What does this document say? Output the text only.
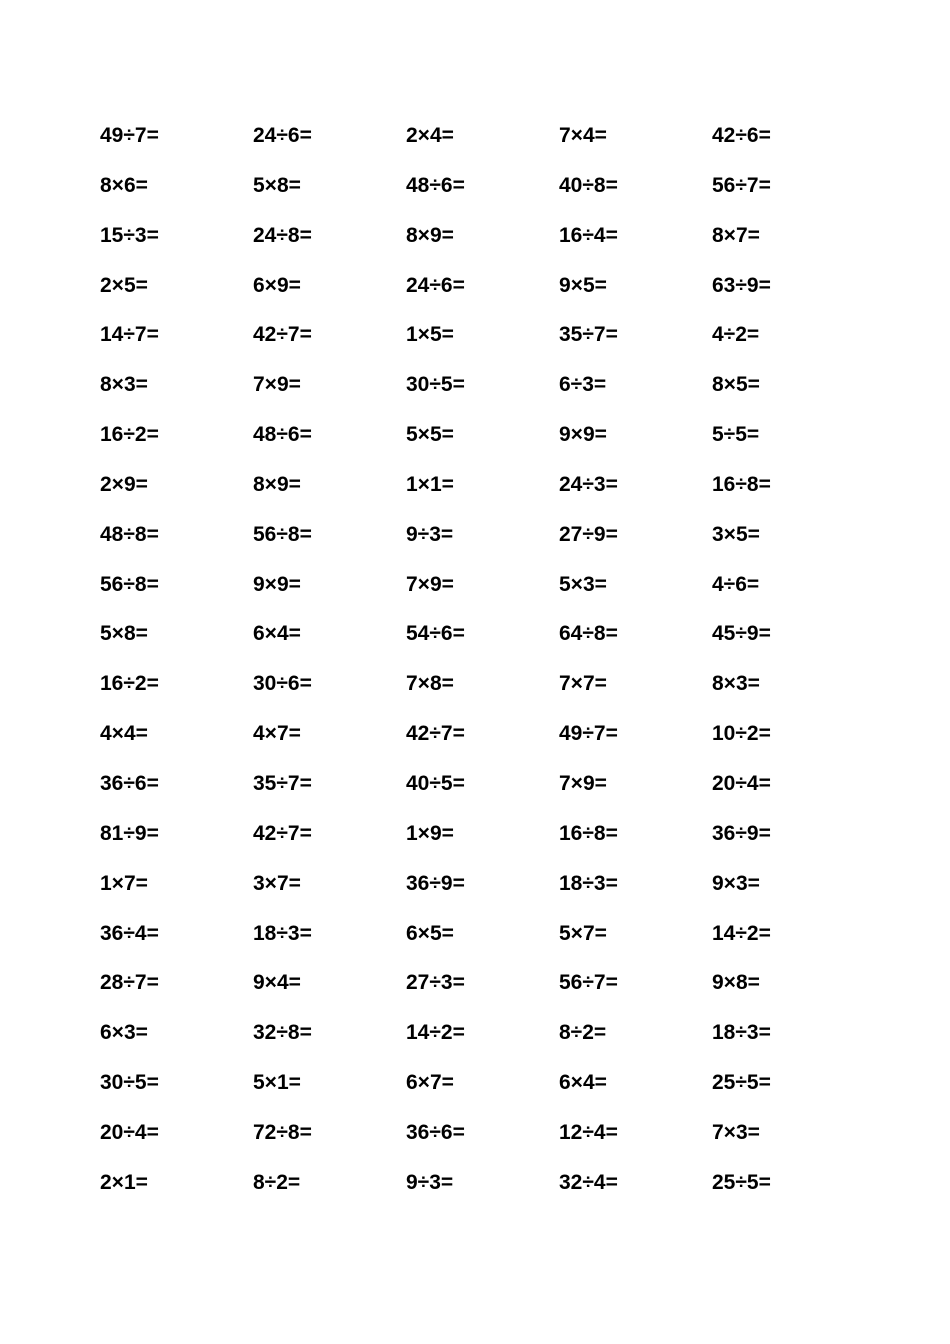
49÷7=	24÷6=	2×4=	7×4=	42÷6=
8×6=	5×8=	48÷6=	40÷8=	56÷7=
15÷3=	24÷8=	8×9=	16÷4=	8×7=
2×5=	6×9=	24÷6=	9×5=	63÷9=
14÷7=	42÷7=	1×5=	35÷7=	4÷2=
8×3=	7×9=	30÷5=	6÷3=	8×5=
16÷2=	48÷6=	5×5=	9×9=	5÷5=
2×9=	8×9=	1×1=	24÷3=	16÷8=
48÷8=	56÷8=	9÷3=	27÷9=	3×5=
56÷8=	9×9=	7×9=	5×3=	4÷6=
5×8=	6×4=	54÷6=	64÷8=	45÷9=
16÷2=	30÷6=	7×8=	7×7=	8×3=
4×4=	4×7=	42÷7=	49÷7=	10÷2=
36÷6=	35÷7=	40÷5=	7×9=	20÷4=
81÷9=	42÷7=	1×9=	16÷8=	36÷9=
1×7=	3×7=	36÷9=	18÷3=	9×3=
36÷4=	18÷3=	6×5=	5×7=	14÷2=
28÷7=	9×4=	27÷3=	56÷7=	9×8=
6×3=	32÷8=	14÷2=	8÷2=	18÷3=
30÷5=	5×1=	6×7=	6×4=	25÷5=
20÷4=	72÷8=	36÷6=	12÷4=	7×3=
2×1=	8÷2=	9÷3=	32÷4=	25÷5=
